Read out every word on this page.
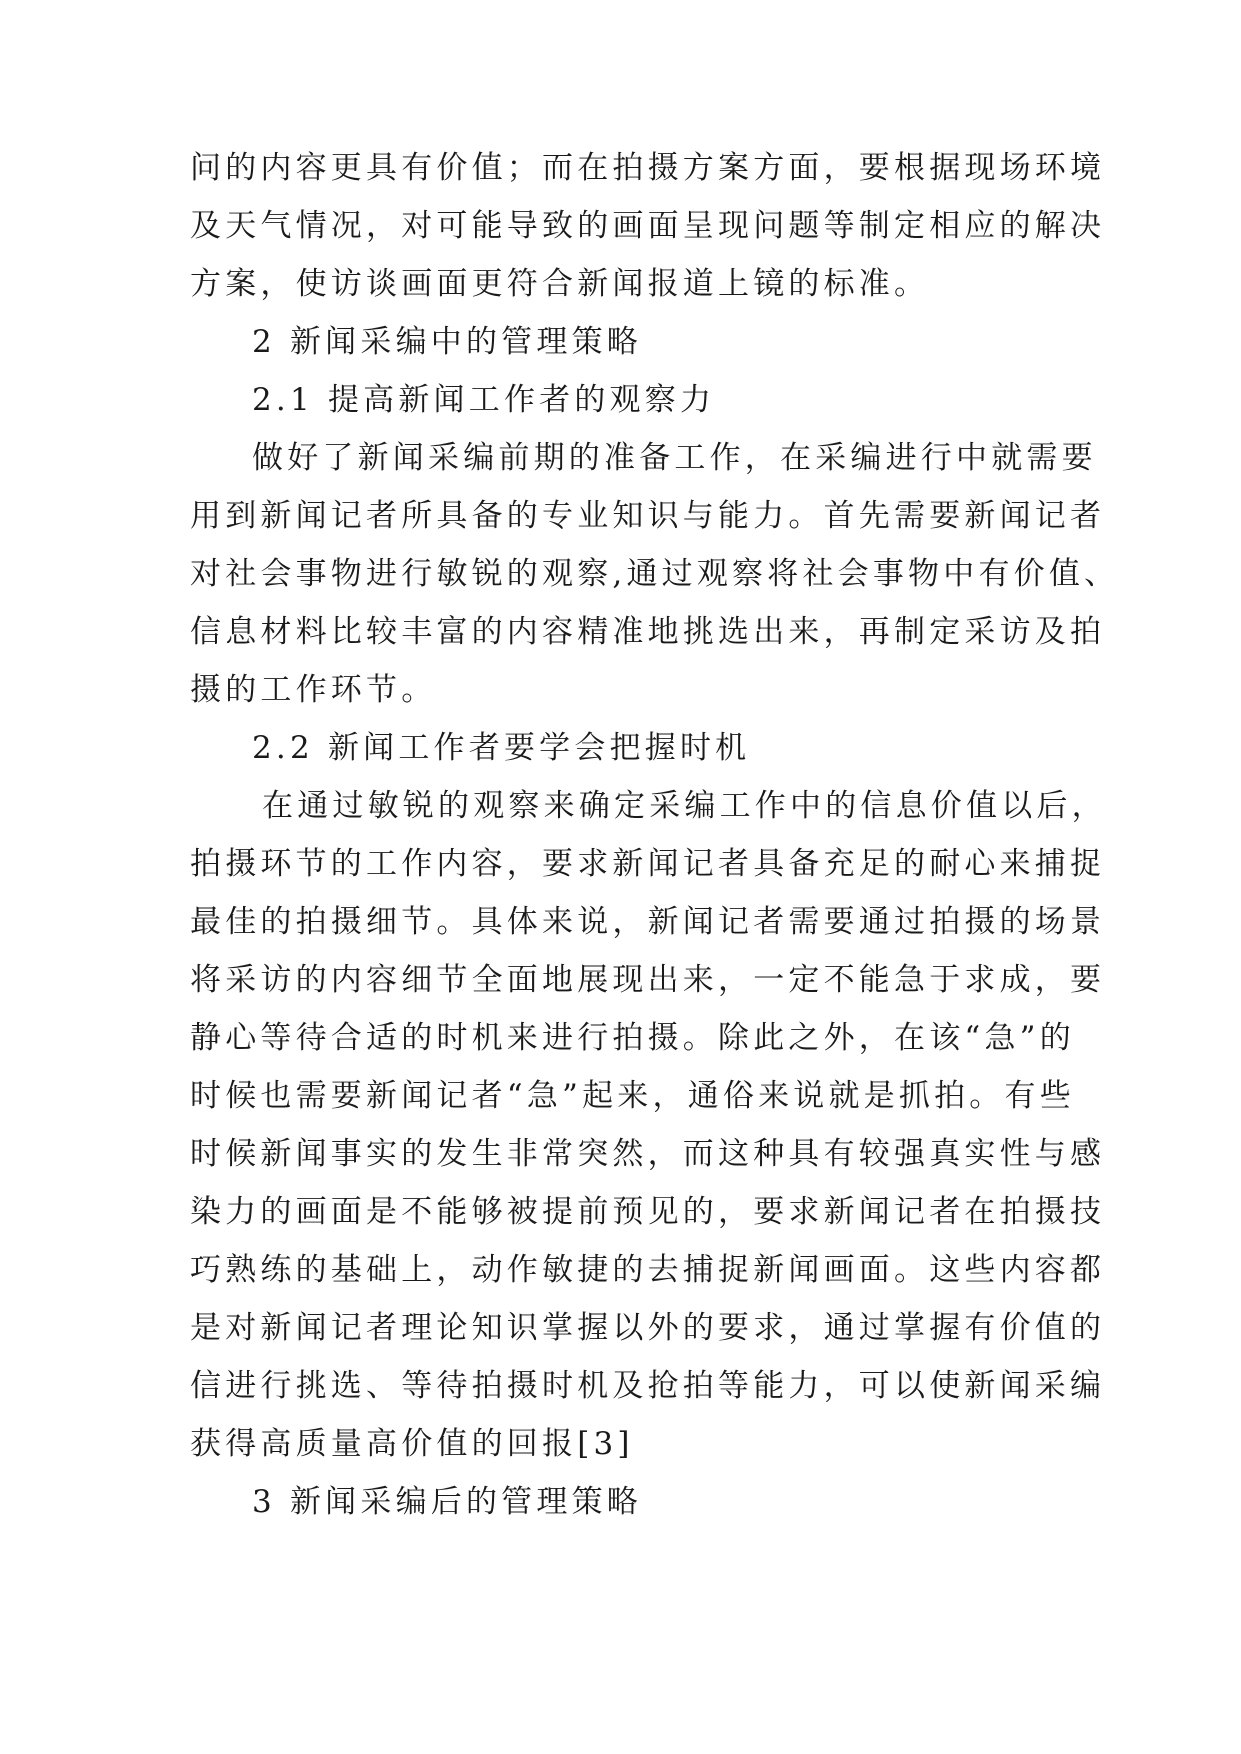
问的内容更具有价值；而在拍摄方案方面，要根据现场环境
及天气情况，对可能导致的画面呈现问题等制定相应的解决
方案，使访谈画面更符合新闻报道上镜的标准。
2 新闻采编中的管理策略
2.1 提高新闻工作者的观察力
做好了新闻采编前期的准备工作，在采编进行中就需要
用到新闻记者所具备的专业知识与能力。首先需要新闻记者
对社会事物进行敏锐的观察,通过观察将社会事物中有价值、
信息材料比较丰富的内容精准地挑选出来，再制定采访及拍
摄的工作环节。
2.2 新闻工作者要学会把握时机
在通过敏锐的观察来确定采编工作中的信息价值以后，
拍摄环节的工作内容，要求新闻记者具备充足的耐心来捕捉
最佳的拍摄细节。具体来说，新闻记者需要通过拍摄的场景
将采访的内容细节全面地展现出来，一定不能急于求成，要
静心等待合适的时机来进行拍摄。除此之外，在该“急”的
时候也需要新闻记者“急”起来，通俗来说就是抓拍。有些
时候新闻事实的发生非常突然，而这种具有较强真实性与感
染力的画面是不能够被提前预见的，要求新闻记者在拍摄技
巧熟练的基础上，动作敏捷的去捕捉新闻画面。这些内容都
是对新闻记者理论知识掌握以外的要求，通过掌握有价值的
信进行挑选、等待拍摄时机及抢拍等能力，可以使新闻采编
获得高质量高价值的回报[3]
3 新闻采编后的管理策略
